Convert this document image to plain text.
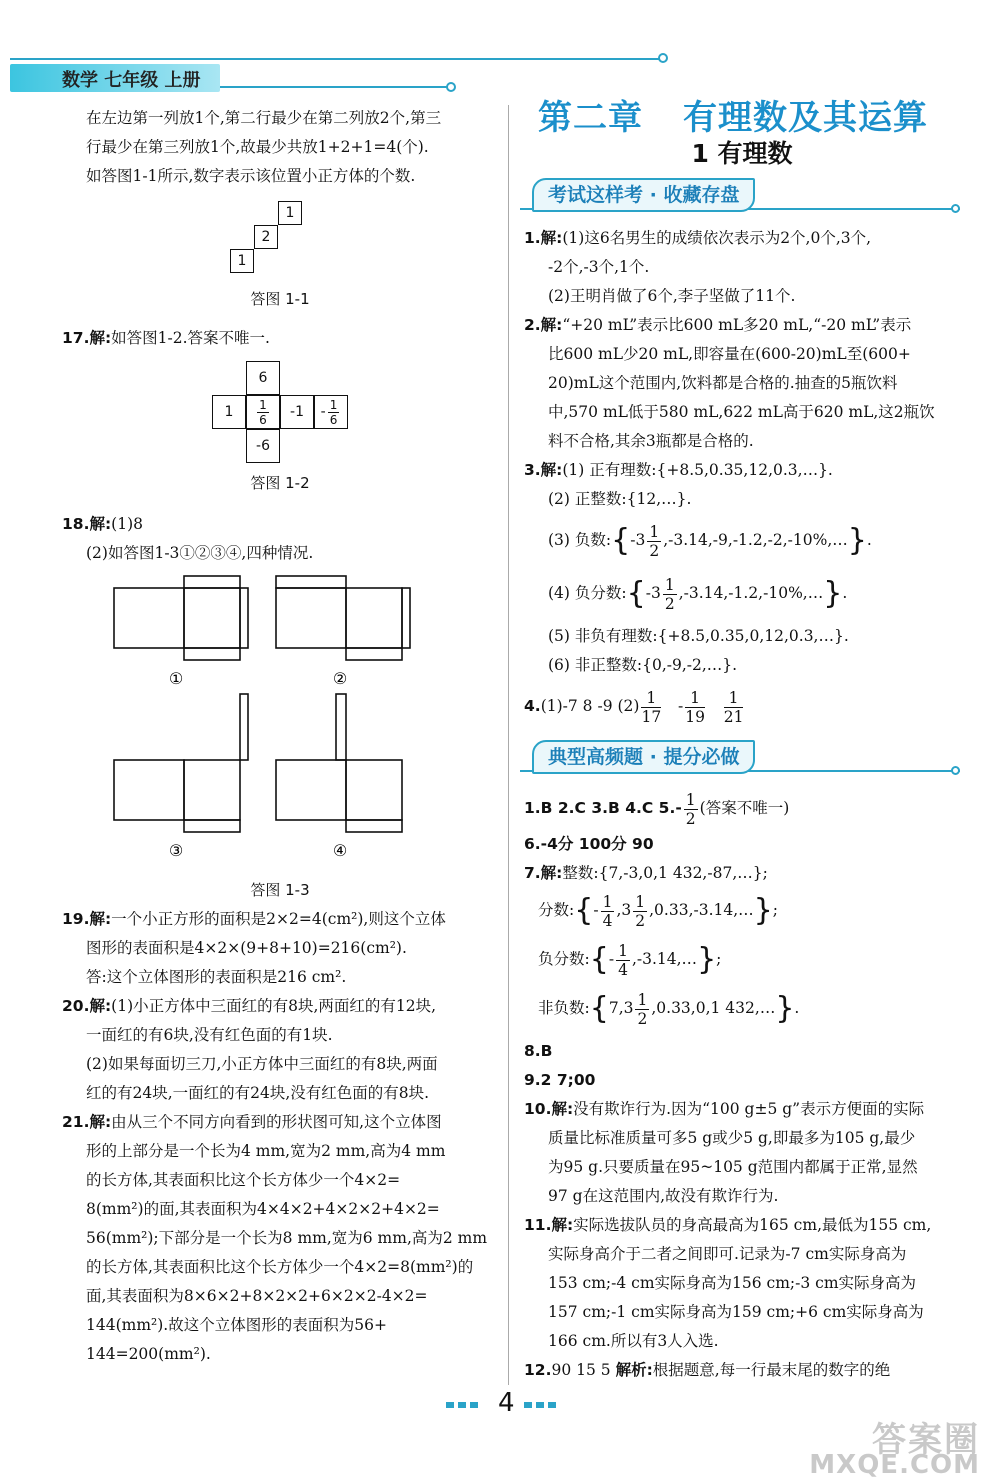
数学 七年级 上册

在左边第一列放1个,第二行最少在第二列放2个,第三

行最少在第三列放1个,故最少共放1+2+1=4(个).

如答图1-1所示,数字表示该位置小正方体的个数.

1
2
1

答图 1-1

17.解:如答图1-2.答案不唯一.

6
1	$\frac{1}{6}$	-1	- $\frac{1}{6}$
-6

答图 1-2

18.解:(1)8

(2)如答图1-3①②③④,四种情况.

①	②
③	④

答图 1-3

19.解:一个小正方形的面积是2×2=4(cm²),则这个立体

图形的表面积是4×2×(9+8+10)=216(cm²).

答:这个立体图形的表面积是216 cm².

20.解:(1)小正方体中三面红的有8块,两面红的有12块,

一面红的有6块,没有红色面的有1块.

(2)如果每面切三刀,小正方体中三面红的有8块,两面

红的有24块,一面红的有24块,没有红色面的有8块.

21.解:由从三个不同方向看到的形状图可知,这个立体图

形的上部分是一个长为4 mm,宽为2 mm,高为4 mm

的长方体,其表面积比这个长方体少一个4×2=

8(mm²)的面,其表面积为4×4×2+4×2×2+4×2=

56(mm²);下部分是一个长为8 mm,宽为6 mm,高为2 mm

的长方体,其表面积比这个长方体少一个4×2=8(mm²)的

面,其表面积为8×6×2+8×2×2+6×2×2-4×2=

144(mm²).故这个立体图形的表面积为56+

144=200(mm²).

第二章 有理数及其运算
1 有理数
考试这样考 · 收藏存盘

1.解:(1)这6名男生的成绩依次表示为2个,0个,3个,

-2个,-3个,1个.

(2)王明肖做了6个,李子坚做了11个.

2.解:“+20 mL”表示比600 mL多20 mL,“-20 mL”表示

比600 mL少20 mL,即容量在(600-20)mL至(600+

20)mL这个范围内,饮料都是合格的.抽查的5瓶饮料

中,570 mL低于580 mL,622 mL高于620 mL,这2瓶饮

料不合格,其余3瓶都是合格的.

3.解:(1) 正有理数:{+8.5,0.35,12,0.3,…}.

(2) 正整数:{12,…}.

(3) 负数:{-3 $\frac{1}{2}$ ,-3.14,-9,-1.2,-2,-10%,…}.

(4) 负分数:{-3 $\frac{1}{2}$ ,-3.14,-1.2,-10%,…}.

(5) 非负有理数:{+8.5,0.35,0,12,0.3,…}.

(6) 非正整数:{0,-9,-2,…}.

4.(1)-7 8 -9 $(2) \frac{1}{17} - \frac{1}{19}$
$\frac{1}{21}$

典型高频题 · 提分必做

1.B 2.C 3.B 4.C $5.- \frac{1}{2}$ (答案不唯一)

6.-4分 100分 90

7.解:整数:{7,-3,0,1 432,-87,…};

分数:{- $\frac{1}{4} ,3 \frac{1}{2}$ ,0.33,-3.14,…};

负分数:{- $\frac{1}{4}$ ,-3.14,…};

非负数:{7,3 $\frac{1}{2} ,0.33,0,1$ 432,…}.

8.B

9.2 7;00

10.解:没有欺诈行为.因为“100 g±5 g”表示方便面的实际

质量比标准质量可多5 g或少5 g,即最多为105 g,最少

为95 g.只要质量在95~105 g范围内都属于正常,显然

97 g在这范围内,故没有欺诈行为.

11.解:实际选拔队员的身高最高为165 cm,最低为155 cm,

实际身高介于二者之间即可.记录为-7 cm实际身高为

153 cm;-4 cm实际身高为156 cm;-3 cm实际身高为

157 cm;-1 cm实际身高为159 cm;+6 cm实际身高为

166 cm.所以有3人入选.

12.90 15 5 解析:根据题意,每一行最末尾的数字的绝

4
答案圈
MXQE.COM
